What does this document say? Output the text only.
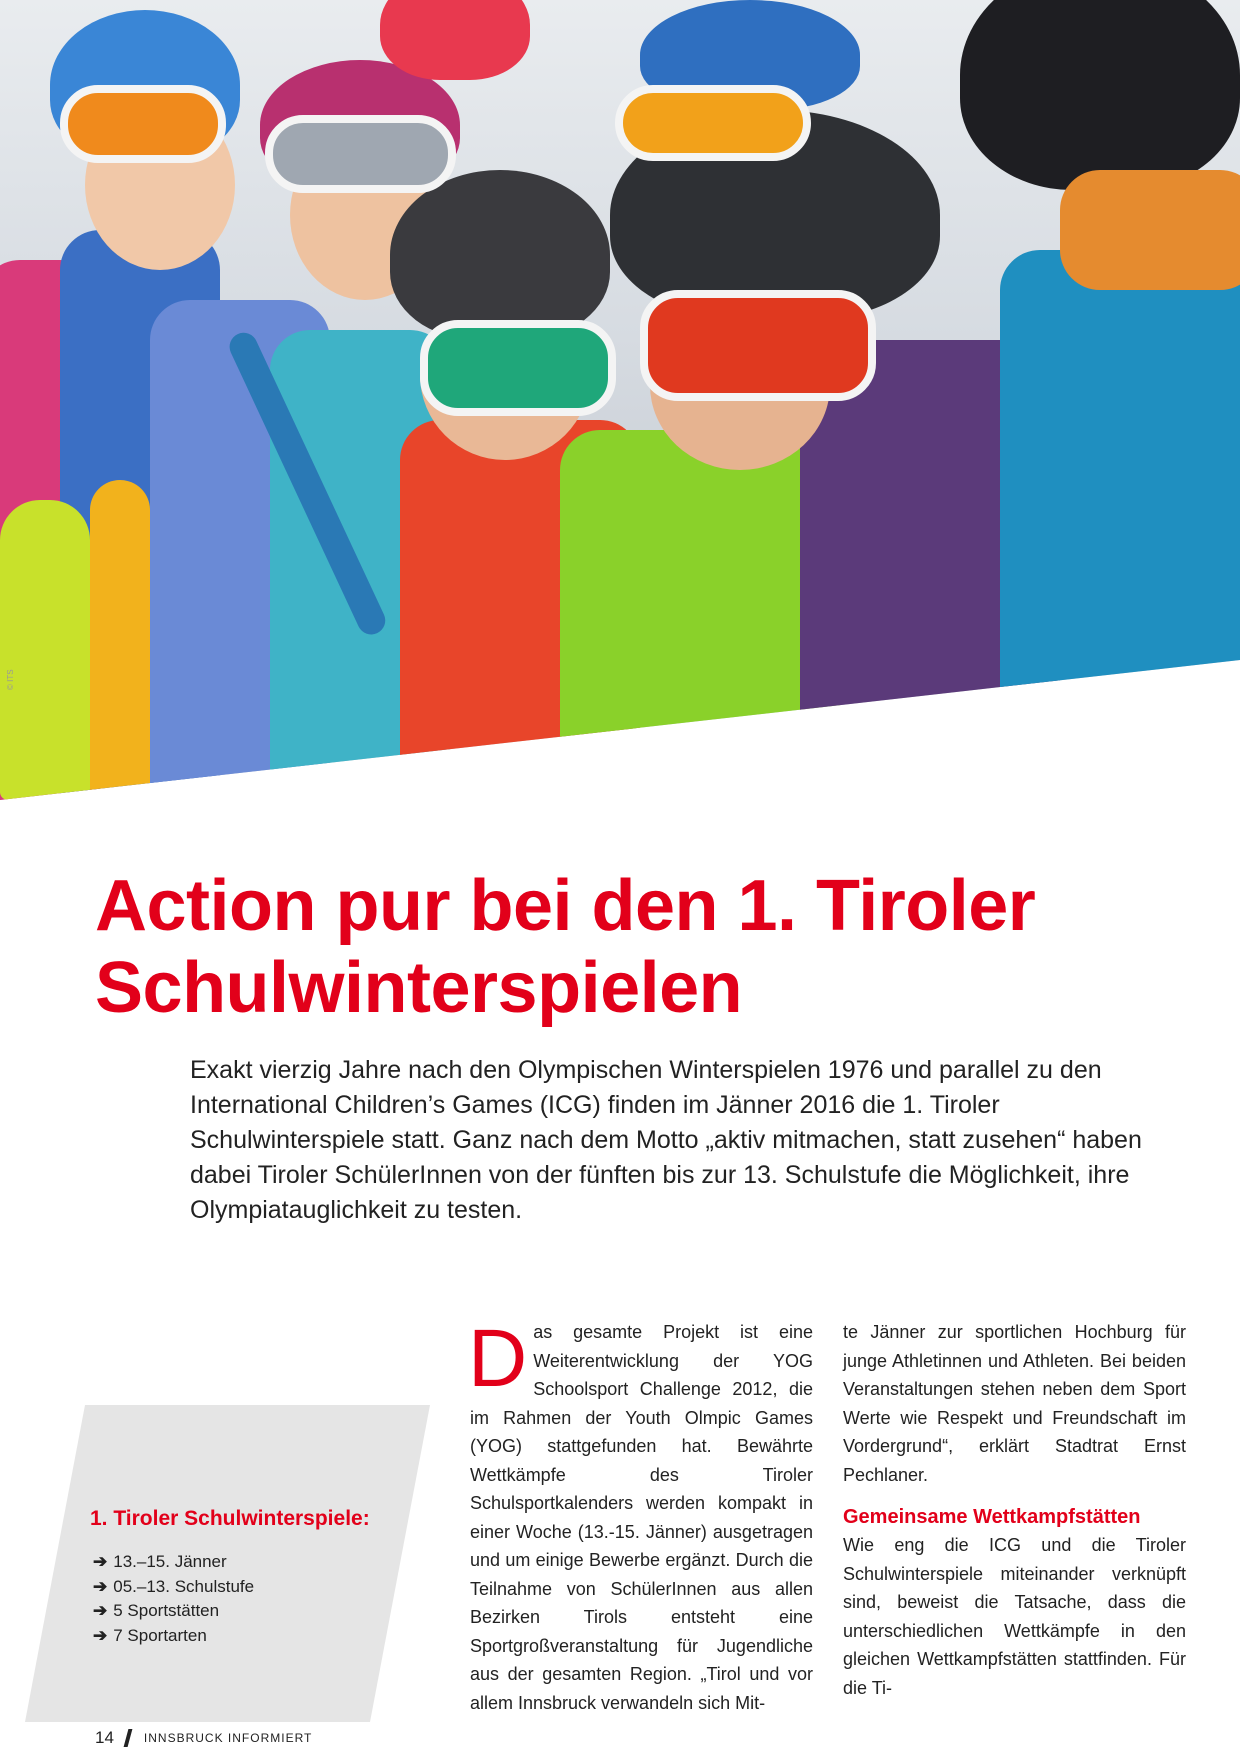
© ITS
Action pur bei den 1. Tiroler
Schulwinterspielen

Exakt vierzig Jahre nach den Olympischen Winterspielen 1976 und parallel zu den International Children’s Games (ICG) finden im Jänner 2016 die 1. Tiroler Schulwinterspiele statt. Ganz nach dem Motto „aktiv mitmachen, statt zusehen“ haben dabei Tiroler SchülerInnen von der fünften bis zur 13. Schulstufe die Möglichkeit, ihre Olympiatauglichkeit zu testen.

1. Tiroler Schulwinterspiele:
➔ 13.–15. Jänner
➔ 05.–13. Schulstufe
➔ 5 Sportstätten
➔ 7 Sportarten
D as gesamte Projekt ist eine Weiterentwicklung der YOG Schoolsport Challenge 2012, die im Rahmen der Youth Olmpic Games (YOG) stattgefunden hat. Bewährte Wettkämpfe des Tiroler Schulsportkalenders werden kompakt in einer Woche (13.-15. Jänner) ausgetragen und um einige Bewerbe ergänzt. Durch die Teilnahme von SchülerInnen aus allen Bezirken Tirols entsteht eine Sportgroßveranstaltung für Jugendliche aus der gesamten Region. „Tirol und vor allem Innsbruck verwandeln sich Mit-
te Jänner zur sportlichen Hochburg für junge Athletinnen und Athleten. Bei beiden Veranstaltungen stehen neben dem Sport Werte wie Respekt und Freundschaft im Vordergrund“, erklärt Stadtrat Ernst Pechlaner.
Gemeinsame Wettkampfstätten
Wie eng die ICG und die Tiroler Schulwinterspiele miteinander verknüpft sind, beweist die Tatsache, dass die unterschiedlichen Wettkämpfe in den gleichen Wettkampfstätten stattfinden. Für die Ti-
14	INNSBRUCK INFORMIERT
